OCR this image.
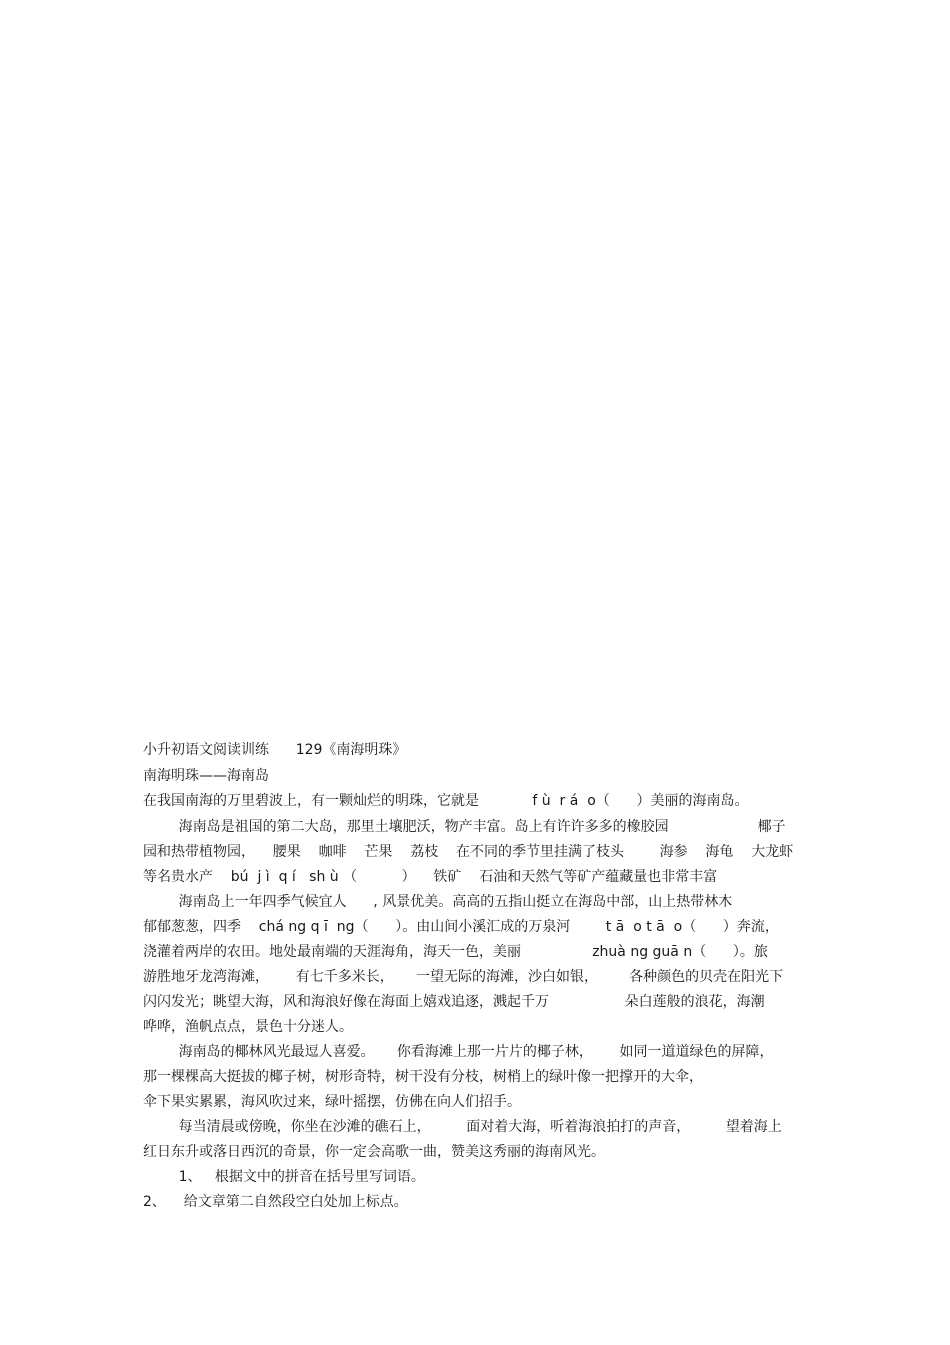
小升初语文阅读训练      129《南海明珠》
南海明珠——海南岛
在我国南海的万里碧波上，有一颗灿烂的明珠，它就是            f ù  r á  o（      ）美丽的海南岛。
海南岛是祖国的第二大岛，那里土壤肥沃，物产丰富。岛上有许许多多的橡胶园                    椰子
园和热带植物园，    腰果    咖啡    芒果    荔枝    在不同的季节里挂满了枝头        海参    海龟    大龙虾
等名贵水产    bú  j ì  q í   sh ù （          ）    铁矿    石油和天然气等矿产蕴藏量也非常丰富
海南岛上一年四季气候宜人      , 风景优美。高高的五指山挺立在海岛中部，山上热带林木
郁郁葱葱，四季    chá ng q ī  ng（      ）。由山间小溪汇成的万泉河        t ā  o t ā  o（      ）奔流，
浇灌着两岸的农田。地处最南端的天涯海角，海天一色，美丽                zhuà ng guā n（      ）。旅
游胜地牙龙湾海滩，      有七千多米长，     一望无际的海滩，沙白如银，       各种颜色的贝壳在阳光下
闪闪发光；眺望大海，风和海浪好像在海面上嬉戏追逐，溅起千万                 朵白莲般的浪花，海潮
哗哗，渔帆点点，景色十分迷人。
海南岛的椰林风光最逗人喜爱。     你看海滩上那一片片的椰子林，      如同一道道绿色的屏障，
那一棵棵高大挺拔的椰子树，树形奇特，树干没有分枝，树梢上的绿叶像一把撑开的大伞，
伞下果实累累，海风吹过来，绿叶摇摆，仿佛在向人们招手。
每当清晨或傍晚，你坐在沙滩的礁石上，        面对着大海，听着海浪拍打的声音，        望着海上
红日东升或落日西沉的奇景，你一定会高歌一曲，赞美这秀丽的海南风光。
1、   根据文中的拼音在括号里写词语。
2、    给文章第二自然段空白处加上标点。
